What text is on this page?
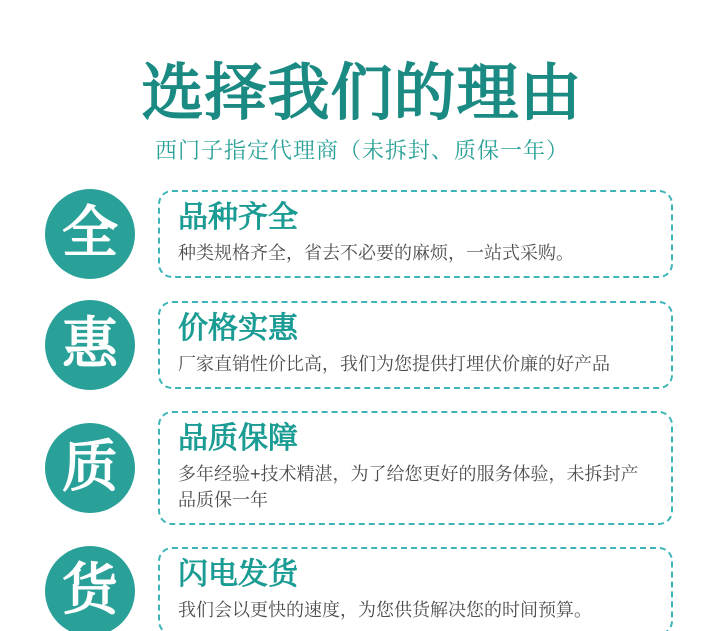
选择我们的理由
西门子指定代理商（未拆封、质保一年）
全	品种齐全

种类规格齐全，省去不必要的麻烦，一站式采购。

惠	价格实惠

厂家直销性价比高，我们为您提供打埋伏价廉的好产品

质	品质保障

多年经验+技术精湛，为了给您更好的服务体验，未拆封产品质保一年

货	闪电发货

我们会以更快的速度，为您供货解决您的时间预算。
